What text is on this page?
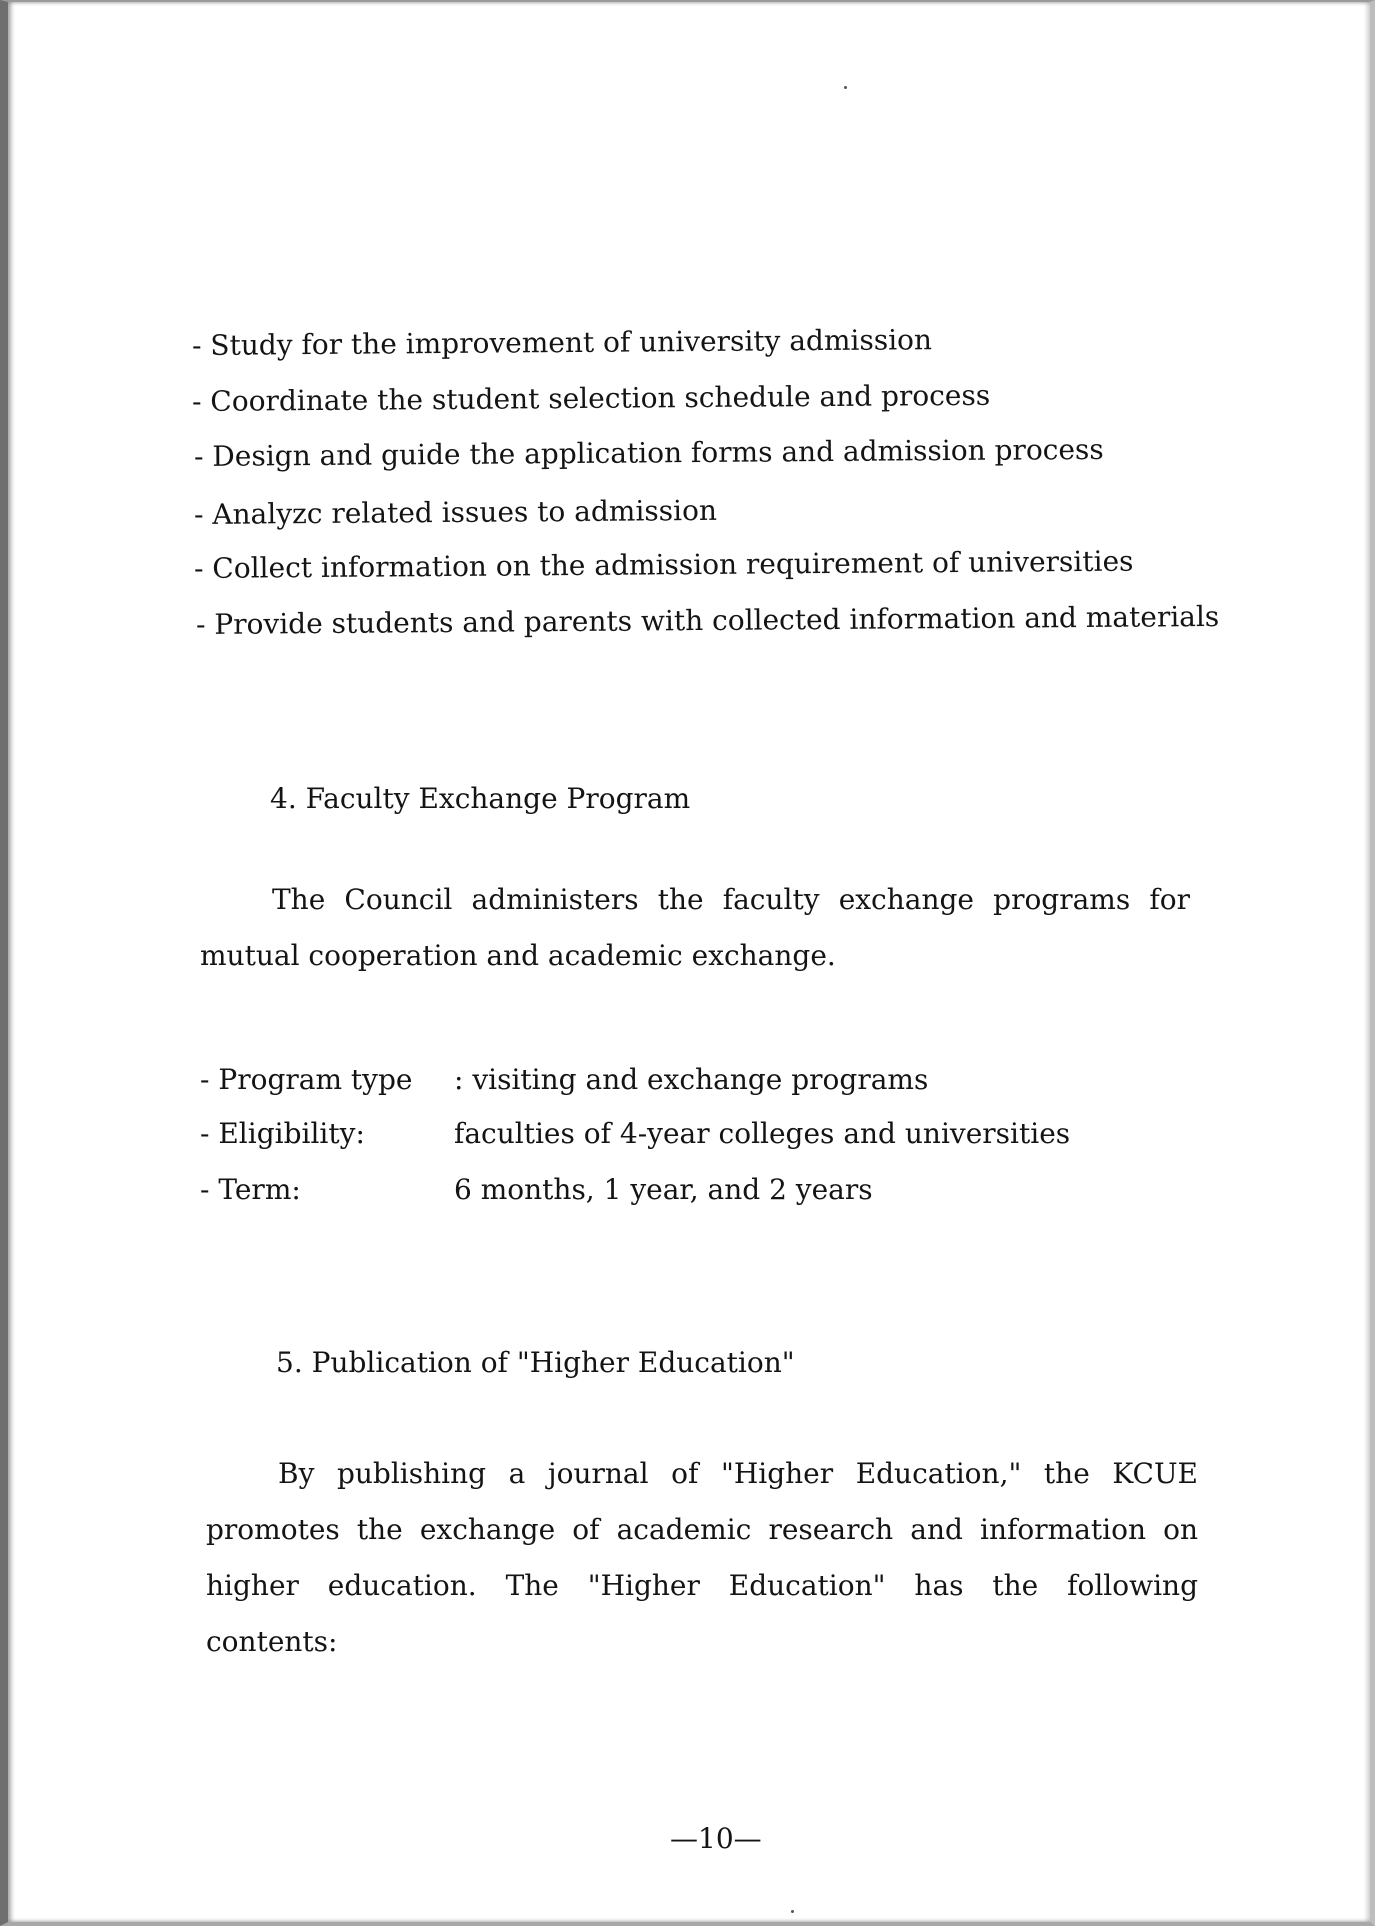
- Study for the improvement of university admission
- Coordinate the student selection schedule and process
- Design and guide the application forms and admission process
- Analyzc related issues to admission
- Collect information on the admission requirement of universities
- Provide students and parents with collected information and materials
4. Faculty Exchange Program
The Council administers the faculty exchange programs for mutual cooperation and academic exchange.
- Program type : visiting and exchange programs
- Eligibility:	faculties of 4-year colleges and universities
- Term:	6 months, 1 year, and 2 years
5. Publication of "Higher Education"
By publishing a journal of "Higher Education," the KCUE promotes the exchange of academic research and information on higher education. The "Higher Education" has the following contents:
—10—
